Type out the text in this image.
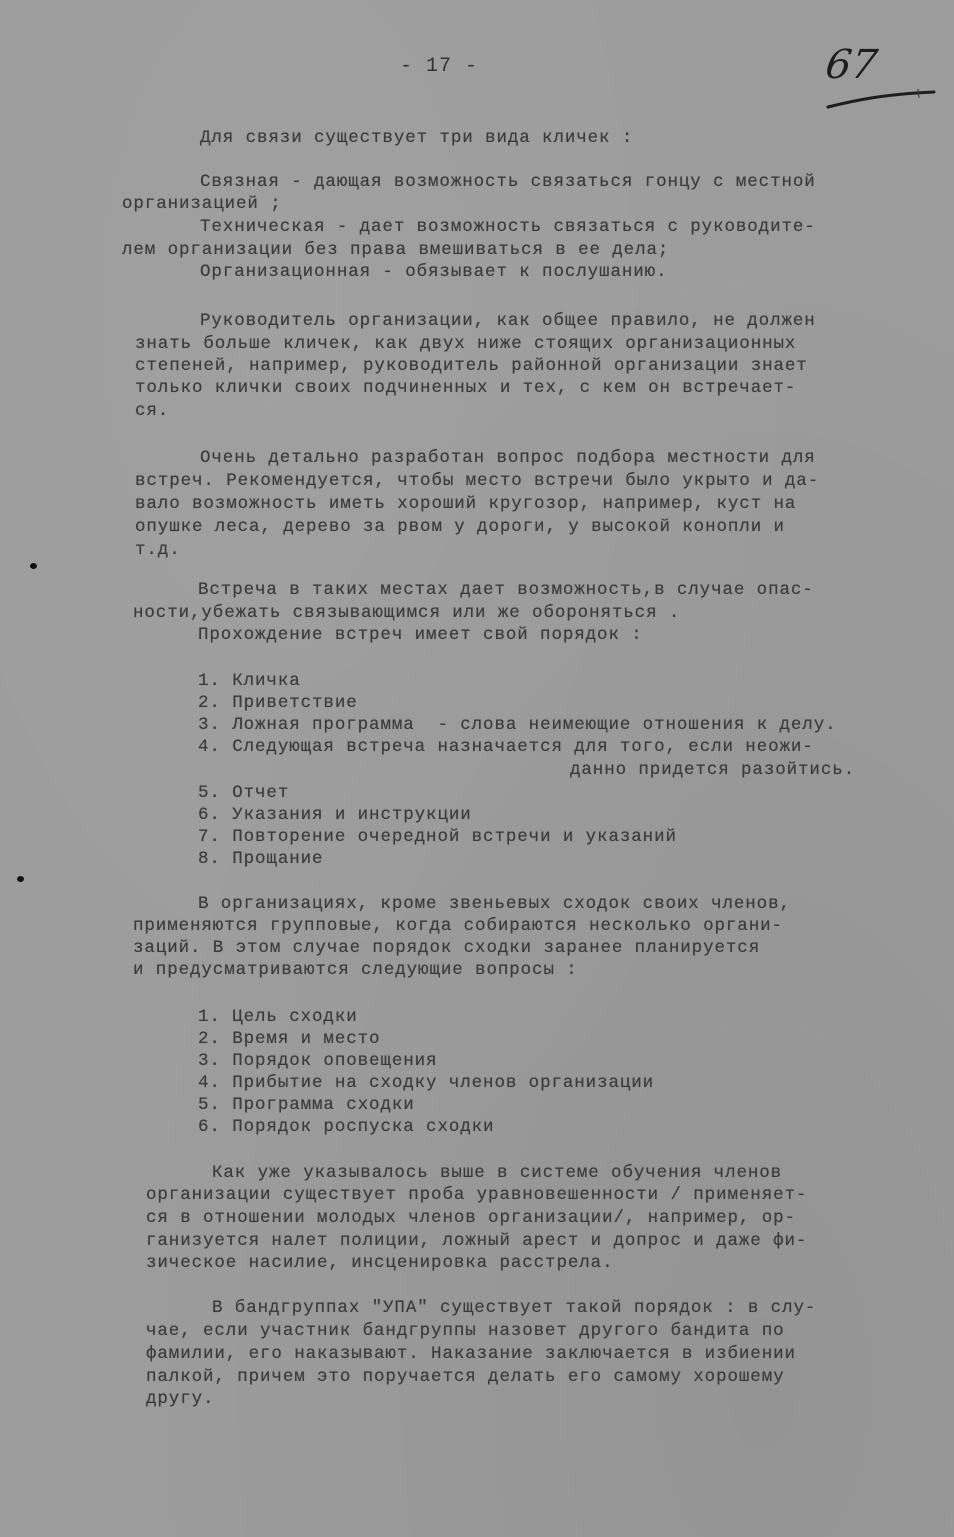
- 17 -	67
Для связи существует три вида кличек :
Связная - дающая возможность связаться гонцу с местной
организацией ;
Техническая - дает возможность связаться с руководите-
лем организации без права вмешиваться в ее дела;
Организационная - обязывает к послушанию.
Руководитель организации, как общее правило, не должен
знать больше кличек, как двух ниже стоящих организационных
степеней, например, руководитель районной организации знает
только клички своих подчиненных и тех, с кем он встречает-
ся.
Очень детально разработан вопрос подбора местности для
встреч. Рекомендуется, чтобы место встречи было укрыто и да-
вало возможность иметь хороший кругозор, например, куст на
опушке леса, дерево за рвом у дороги, у высокой конопли и
т.д.
Встреча в таких местах дает возможность,в случае опас-
ности,убежать связывающимся или же обороняться .
Прохождение встреч имеет свой порядок :
1. Кличка
2. Приветствие
3. Ложная программа  - слова неимеющие отношения к делу.
4. Следующая встреча назначается для того, если неожи-
данно придется разойтись.
5. Отчет
6. Указания и инструкции
7. Повторение очередной встречи и указаний
8. Прощание
В организациях, кроме звеньевых сходок своих членов,
применяются групповые, когда собираются несколько органи-
заций. В этом случае порядок сходки заранее планируется
и предусматриваются следующие вопросы :
1. Цель сходки
2. Время и место
3. Порядок оповещения
4. Прибытие на сходку членов организации
5. Программа сходки
6. Порядок роспуска сходки
Как уже указывалось выше в системе обучения членов
организации существует проба уравновешенности / применяет-
ся в отношении молодых членов организации/, например, ор-
ганизуется налет полиции, ложный арест и допрос и даже фи-
зическое насилие, инсценировка расстрела.
В бандгруппах "УПА" существует такой порядок : в слу-
чае, если участник бандгруппы назовет другого бандита по
фамилии, его наказывают. Наказание заключается в избиении
палкой, причем это поручается делать его самому хорошему
другу.
